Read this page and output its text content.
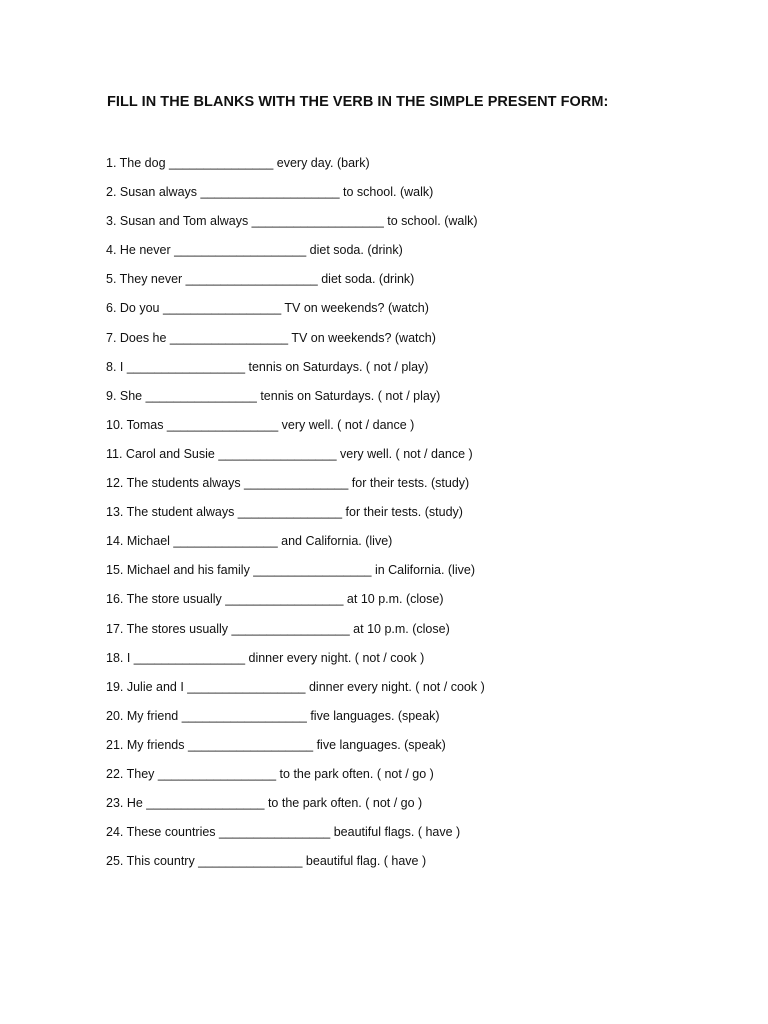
FILL IN THE BLANKS WITH THE VERB IN THE SIMPLE PRESENT FORM:
1. The dog _______________ every day. (bark)
2. Susan always ____________________ to school. (walk)
3. Susan and Tom always ___________________ to school. (walk)
4. He never ___________________ diet soda. (drink)
5. They never ___________________ diet soda. (drink)
6. Do you _________________ TV on weekends? (watch)
7. Does he _________________ TV on weekends? (watch)
8. I _________________ tennis on Saturdays. ( not / play)
9. She ________________ tennis on Saturdays. ( not / play)
10. Tomas ________________ very well. ( not / dance )
11. Carol and Susie _________________ very well. ( not / dance )
12. The students always _______________ for their tests. (study)
13. The student always _______________ for their tests. (study)
14. Michael _______________ and California. (live)
15. Michael and his family _________________ in California. (live)
16. The store usually _________________ at 10 p.m. (close)
17. The stores usually _________________ at 10 p.m. (close)
18. I ________________ dinner every night. ( not / cook )
19. Julie and I _________________ dinner every night. ( not / cook )
20. My friend __________________ five languages. (speak)
21. My friends __________________ five languages. (speak)
22. They _________________ to the park often. ( not / go )
23. He _________________ to the park often. ( not / go )
24. These countries ________________ beautiful flags. ( have )
25. This country _______________ beautiful flag. ( have )
